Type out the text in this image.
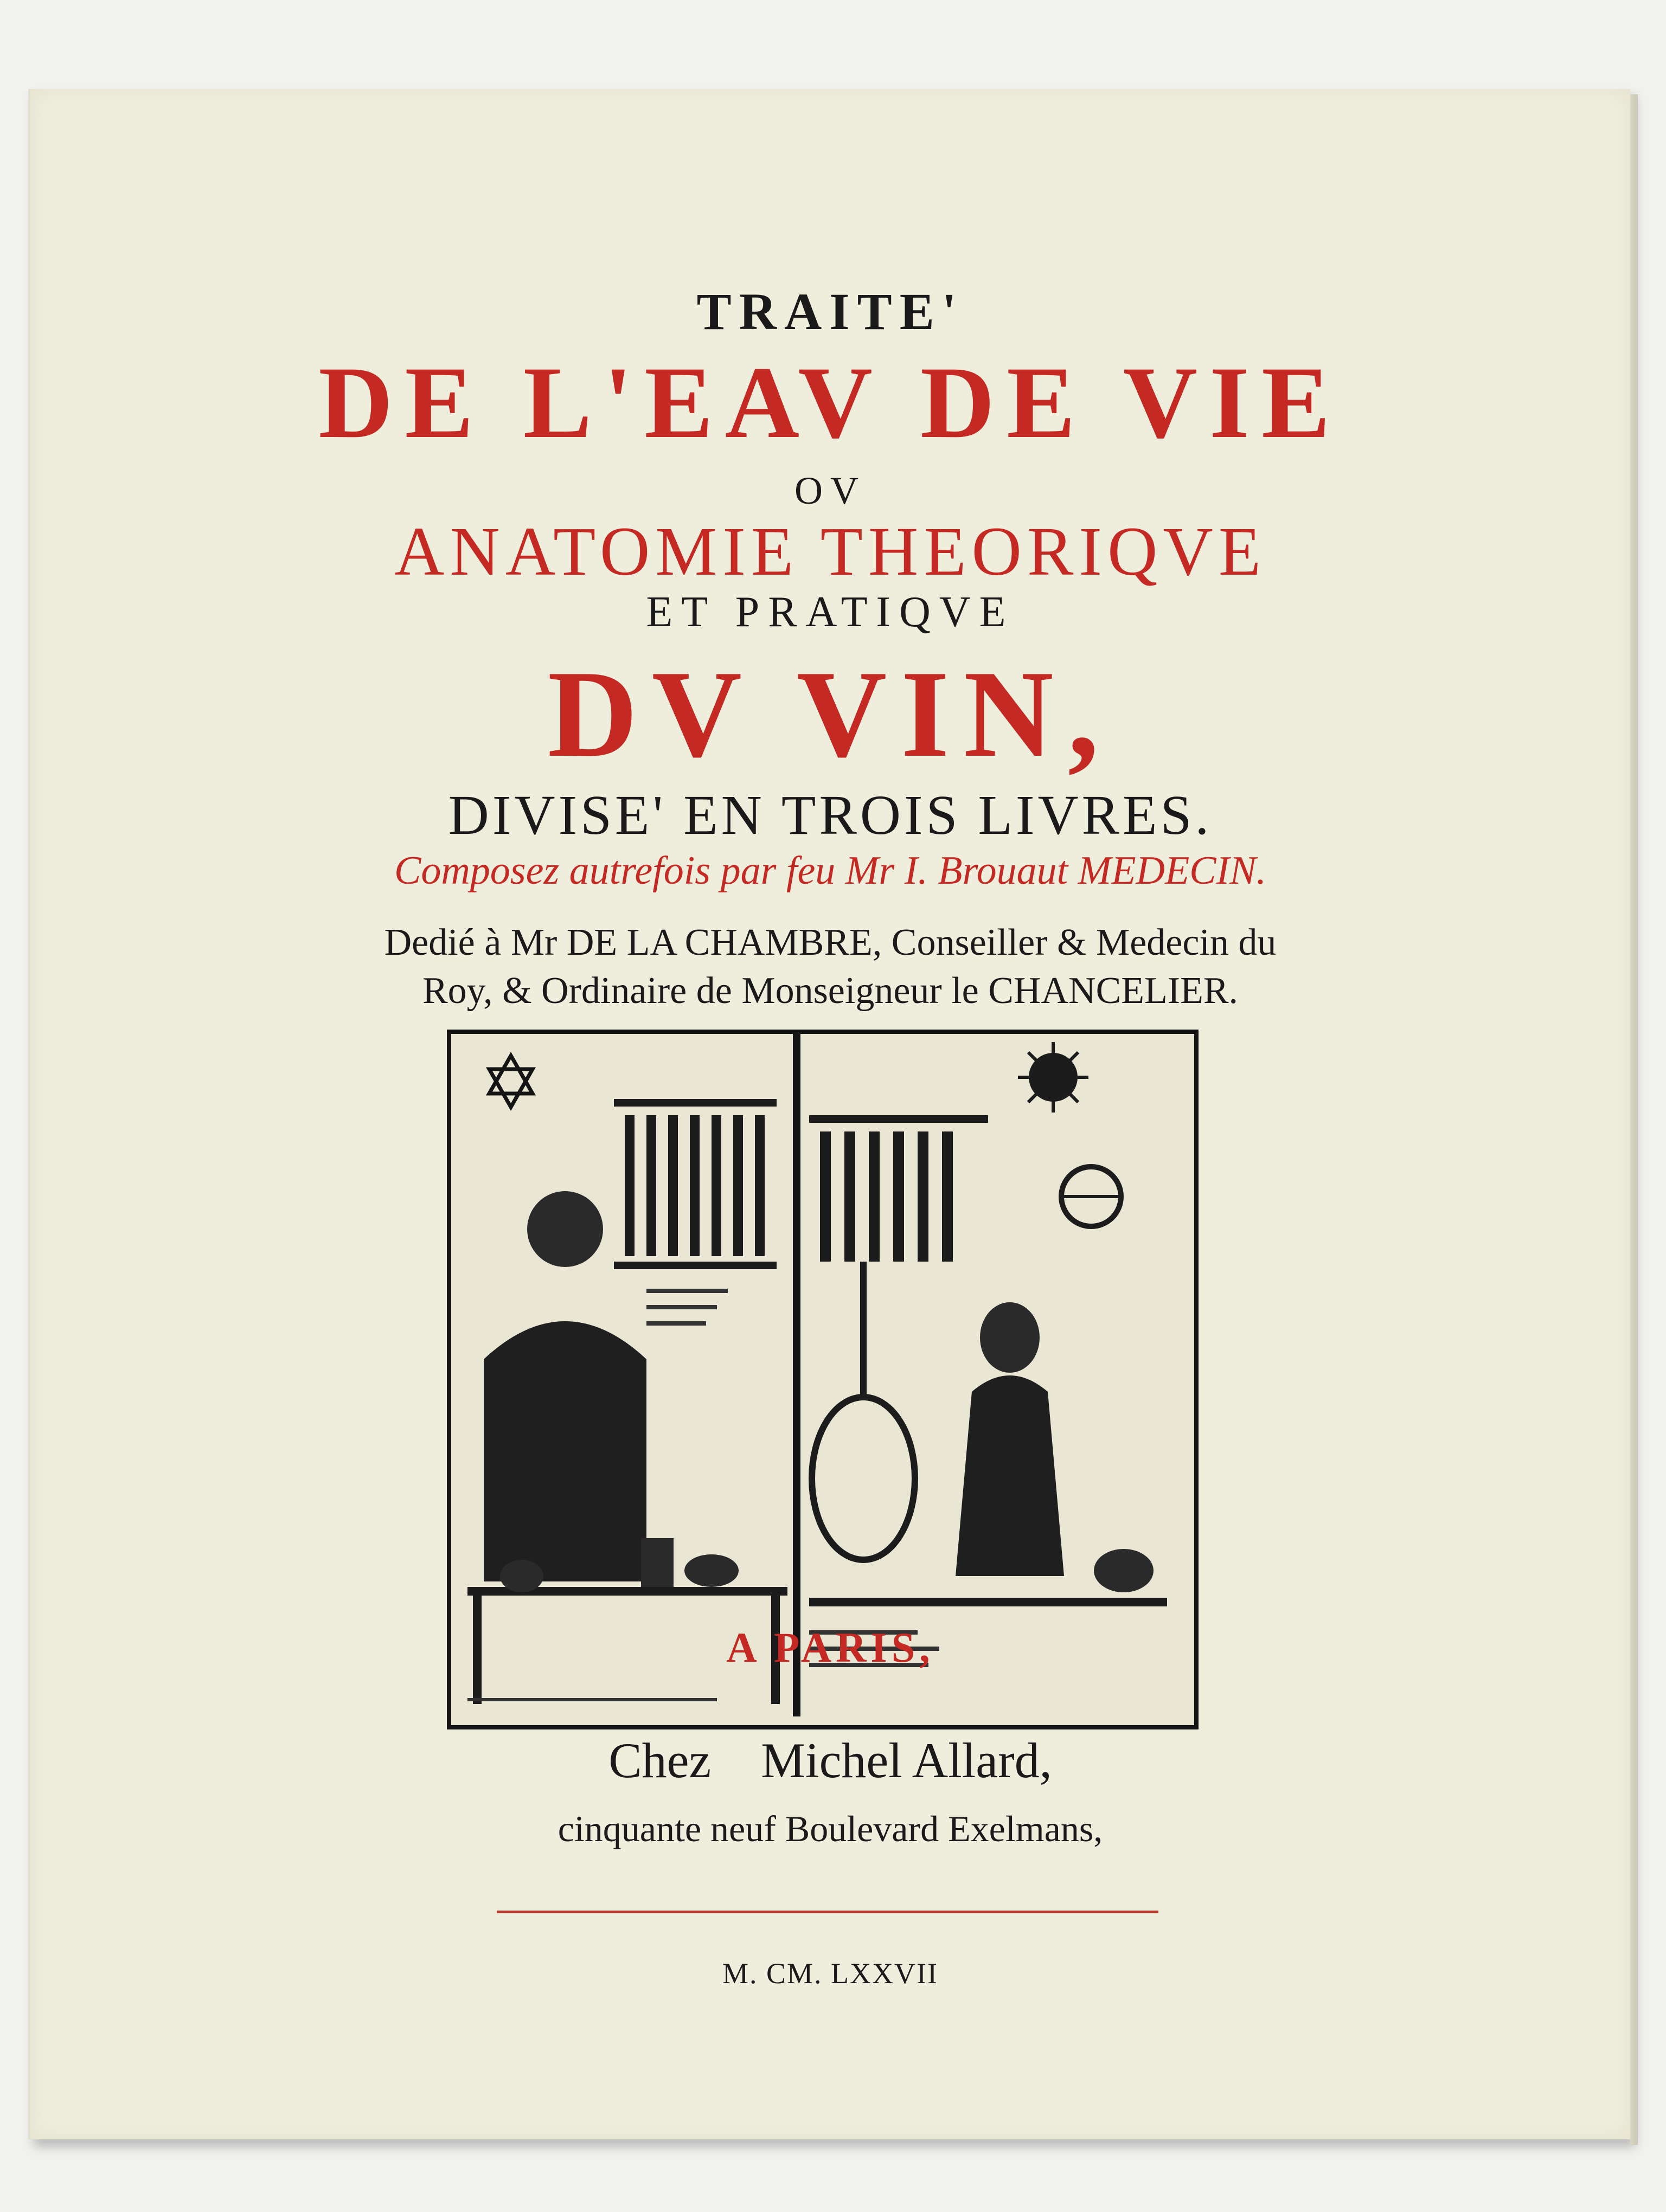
TRAITE'
DE L'EAV DE VIE
OV
ANATOMIE THEORIQVE
ET PRATIQVE
DV VIN,
DIVISE' EN TROIS LIVRES.
Composez autrefois par feu Mr I. Brouaut MEDECIN.
Dedié à Mr DE LA CHAMBRE, Conseiller & Medecin du
Roy, & Ordinaire de Monseigneur le CHANCELIER.
A PARIS,
Chez    Michel Allard,
cinquante neuf Boulevard Exelmans,
M. CM. LXXVII
